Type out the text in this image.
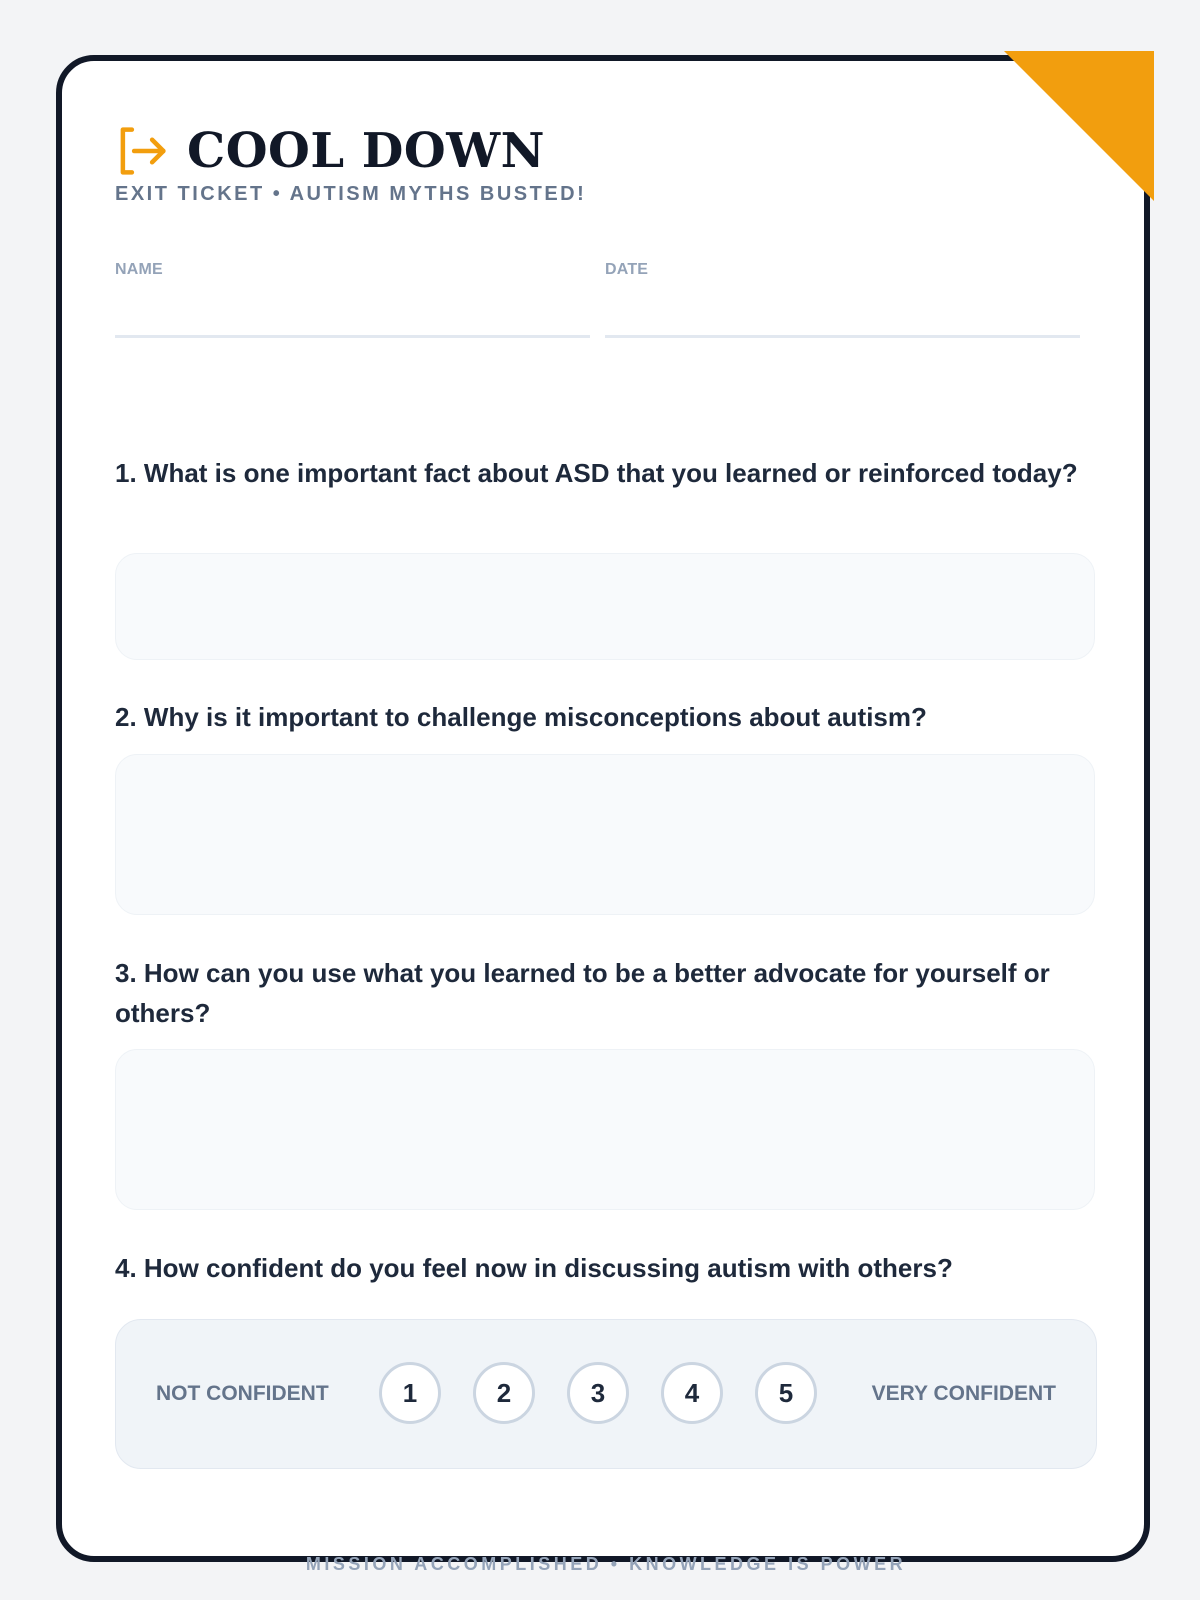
COOL DOWN
EXIT TICKET • AUTISM MYTHS BUSTED!
NAME	DATE
1. What is one important fact about ASD that you learned or reinforced today?
2. Why is it important to challenge misconceptions about autism?
3. How can you use what you learned to be a better advocate for yourself or others?
4. How confident do you feel now in discussing autism with others?
NOT CONFIDENT	1	2	3	4	5	VERY CONFIDENT
MISSION ACCOMPLISHED • KNOWLEDGE IS POWER
